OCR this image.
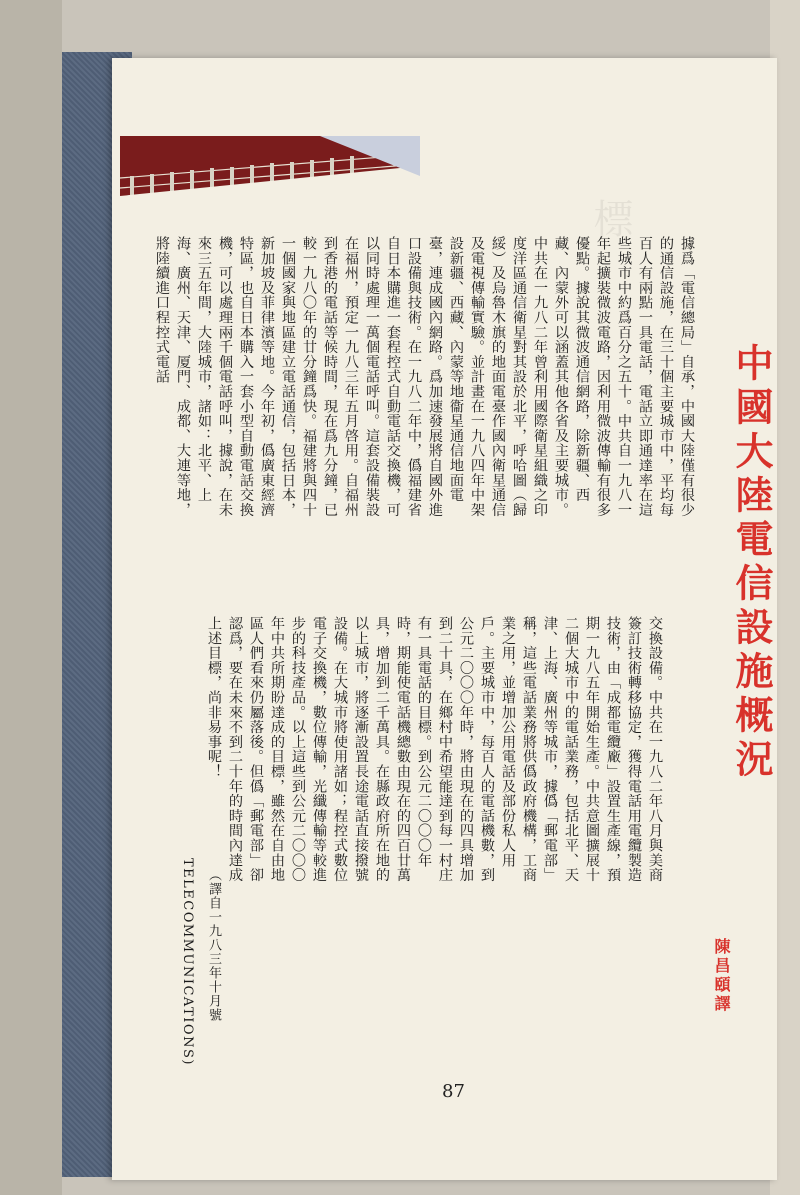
標
中國大陸電信設施概況
陳昌頤譯
據爲「電信總局」自承，中國大陸僅有很少的通信設施，在三十個主要城市中，平均每百人有兩點一具電話，電話立即通達率在這些城市中約爲百分之五十。中共自一九八一年起擴裝微波電路，因利用微波傳輸有很多優點。據說其微波通信網路，除新疆、西藏、內蒙外可以涵蓋其他各省及主要城市。中共在一九八二年曾利用國際衛星組織之印度洋區通信衛星對其設於北平，呼哈圖（歸綏）及烏魯木旗的地面電臺作國內衛星通信及電視傳輸實驗。並計畫在一九八四年中架設新疆、西藏、內蒙等地衞星通信地面電臺，連成國內網路。爲加速發展將自國外進口設備與技術。在一九八二年中，僞福建省自日本購進一套程控式自動電話交換機，可以同時處理一萬個電話呼叫。這套設備裝設在福州，預定一九八三年五月啓用。自福州到香港的電話等候時間，現在爲九分鐘，已較一九八〇年的廿分鐘爲快。福建將與四十一個國家與地區建立電話通信，包括日本，新加坡及菲律濱等地。今年初，僞廣東經濟特區，也自日本購入一套小型自動電話交換機，可以處理兩千個電話呼叫，據說，在未來三五年間，大陸城市，諸如：北平、上海、廣州、天津、厦門、成都、大連等地，將陸續進口程控式電話
交換設備。中共在一九八二年八月與美商簽訂技術轉移協定，獲得電話用電纜製造技術，由「成都電纜廠」設置生產線，預期一九八五年開始生產。中共意圖擴展十二個大城市中的電話業務，包括北平、天津、上海、廣州等城市，據僞「郵電部」稱，這些電話業務將供僞政府機構，工商業之用，並增加公用電話及部份私人用戶。主要城市中，每百人的電話機數，到公元二〇〇〇年時，將由現在的四具增加到二十具，在鄉村中希望能達到每一村庄有一具電話的目標。到公元二〇〇〇年時，期能使電話機總數由現在的四百廿萬具，增加到二千萬具。在縣政府所在地的以上城市，將逐漸設置長途電話直接撥號設備。在大城市將使用諸如；程控式數位電子交換機，數位傳輸，光纖傳輸等較進步的科技產品。以上這些到公元二〇〇〇年中共所期盼達成的目標，雖然在自由地區人們看來仍屬落後。但僞「郵電部」卻認爲，要在未來不到二十年的時間內達成上述目標，尚非易事呢！
（譯自一九八三年十月號
TELECOMMUNICATIONS)
87
